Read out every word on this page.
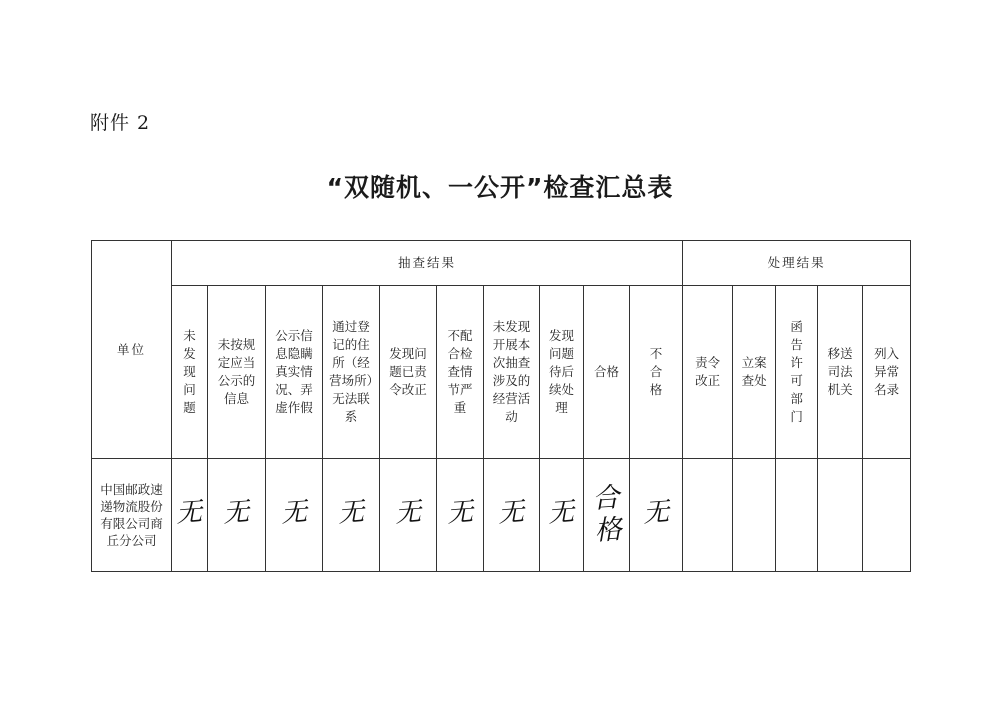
附件 2
“双随机、一公开”检查汇总表
单位	抽查结果										处理结果				
	未发现问题	未按规定应当公示的信息	公示信息隐瞒真实情况、弄虚作假	通过登记的住所（经营场所）无法联系	发现问题已责令改正	不配合检查情节严重	未发现开展本次抽查涉及的经营活动	发现问题待后续处理	合格	不合格	责令改正	立案查处	函告许可部门	移送司法机关	列入异常名录
中国邮政速递物流股份有限公司商丘分公司	无	无	无	无	无	无	无	无	合格	无					
